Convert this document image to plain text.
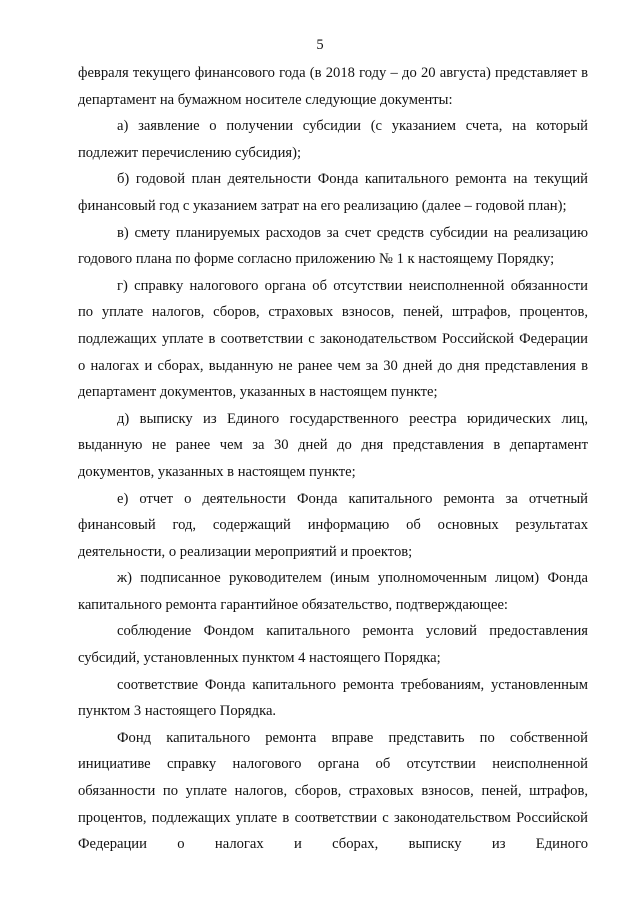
5

февраля текущего финансового года (в 2018 году – до 20 августа) представляет в департамент на бумажном носителе следующие документы:

а) заявление о получении субсидии (с указанием счета, на который подлежит перечислению субсидия);

б) годовой план деятельности Фонда капитального ремонта на текущий финансовый год с указанием затрат на его реализацию (далее – годовой план);

в) смету планируемых расходов за счет средств субсидии на реализацию годового плана по форме согласно приложению № 1 к настоящему Порядку;

г) справку налогового органа об отсутствии неисполненной обязанности по уплате налогов, сборов, страховых взносов, пеней, штрафов, процентов, подлежащих уплате в соответствии с законодательством Российской Федерации о налогах и сборах, выданную не ранее чем за 30 дней до дня представления в департамент документов, указанных в настоящем пункте;

д) выписку из Единого государственного реестра юридических лиц, выданную не ранее чем за 30 дней до дня представления в департамент документов, указанных в настоящем пункте;

е) отчет о деятельности Фонда капитального ремонта за отчетный финансовый год, содержащий информацию об основных результатах деятельности, о реализации мероприятий и проектов;

ж) подписанное руководителем (иным уполномоченным лицом) Фонда капитального ремонта гарантийное обязательство, подтверждающее:

соблюдение Фондом капитального ремонта условий предоставления субсидий, установленных пунктом 4 настоящего Порядка;

соответствие Фонда капитального ремонта требованиям, установленным пунктом 3 настоящего Порядка.

Фонд капитального ремонта вправе представить по собственной инициативе справку налогового органа об отсутствии неисполненной обязанности по уплате налогов, сборов, страховых взносов, пеней, штрафов, процентов, подлежащих уплате в соответствии с законодательством Российской Федерации о налогах и сборах, выписку из Единого
